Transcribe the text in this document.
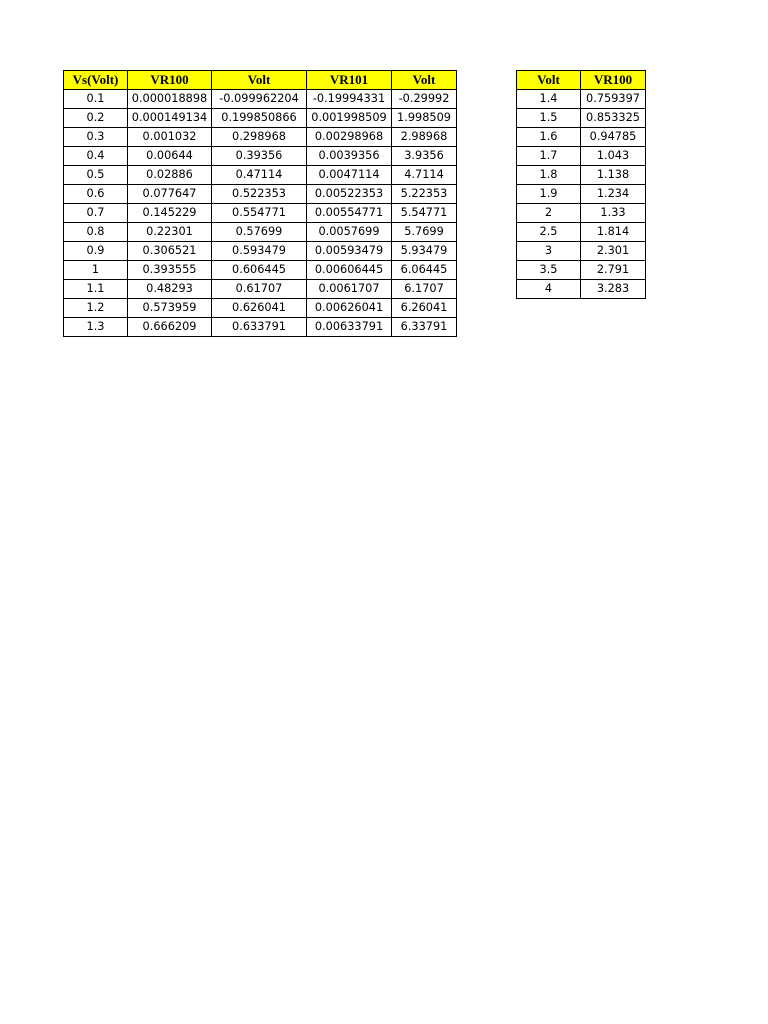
Vs(Volt)	VR100	Volt	VR101	Volt
0.1	0.000018898	-0.099962204	-0.19994331	-0.29992
0.2	0.000149134	0.199850866	0.001998509	1.998509
0.3	0.001032	0.298968	0.00298968	2.98968
0.4	0.00644	0.39356	0.0039356	3.9356
0.5	0.02886	0.47114	0.0047114	4.7114
0.6	0.077647	0.522353	0.00522353	5.22353
0.7	0.145229	0.554771	0.00554771	5.54771
0.8	0.22301	0.57699	0.0057699	5.7699
0.9	0.306521	0.593479	0.00593479	5.93479
1	0.393555	0.606445	0.00606445	6.06445
1.1	0.48293	0.61707	0.0061707	6.1707
1.2	0.573959	0.626041	0.00626041	6.26041
1.3	0.666209	0.633791	0.00633791	6.33791
Volt	VR100
1.4	0.759397
1.5	0.853325
1.6	0.94785
1.7	1.043
1.8	1.138
1.9	1.234
2	1.33
2.5	1.814
3	2.301
3.5	2.791
4	3.283
